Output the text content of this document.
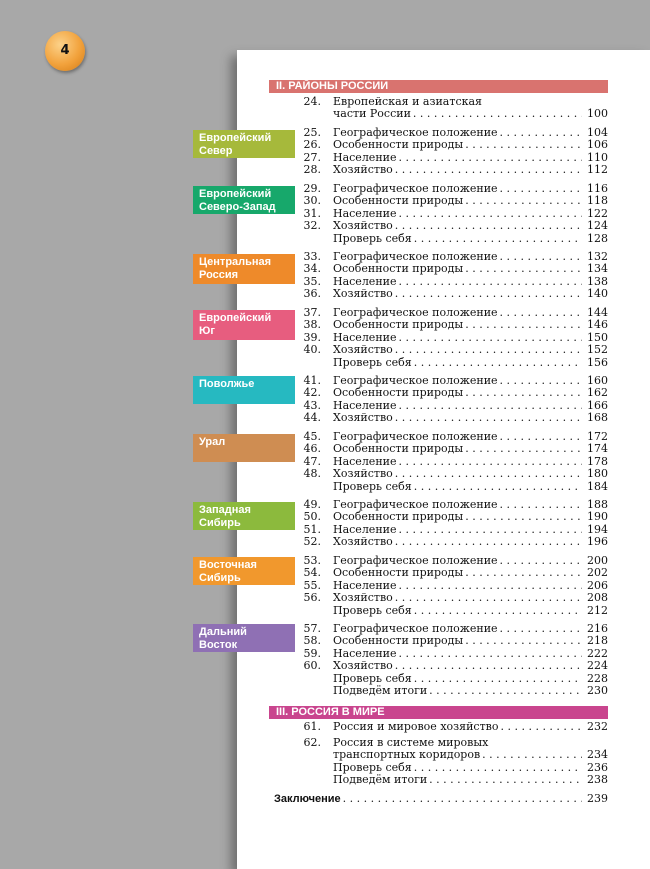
4
II. РАЙОНЫ РОССИИ
III. РОССИЯ В МИРЕ
Европейский
Север
Европейский
Северо-Запад
Центральная
Россия
Европейский
Юг
Поволжье
Урал
Западная
Сибирь
Восточная
Сибирь
Дальний
Восток
24. Европейская и азиатская
части России . . .	100
25. Географическое положение . . .	104
26. Особенности природы . . .	106
27. Население . . .	110
28. Хозяйство . . .	112
29. Географическое положение . . .	116
30. Особенности природы . . .	118
31. Население . . .	122
32. Хозяйство . . .	124
Проверь себя . . .	128
33. Географическое положение . . .	132
34. Особенности природы . . .	134
35. Население . . .	138
36. Хозяйство . . .	140
37. Географическое положение . . .	144
38. Особенности природы . . .	146
39. Население . . .	150
40. Хозяйство . . .	152
Проверь себя . . .	156
41. Географическое положение . . .	160
42. Особенности природы . . .	162
43. Население . . .	166
44. Хозяйство . . .	168
45. Географическое положение . . .	172
46. Особенности природы . . .	174
47. Население . . .	178
48. Хозяйство . . .	180
Проверь себя . . .	184
49. Географическое положение . . .	188
50. Особенности природы . . .	190
51. Население . . .	194
52. Хозяйство . . .	196
53. Географическое положение . . .	200
54. Особенности природы . . .	202
55. Население . . .	206
56. Хозяйство . . .	208
Проверь себя . . .	212
57. Географическое положение . . .	216
58. Особенности природы . . .	218
59. Население . . .	222
60. Хозяйство . . .	224
Проверь себя . . .	228
Подведём итоги . . .	230
61. Россия и мировое хозяйство . . .	232
62. Россия в системе мировых
транспортных коридоров . . .	234
Проверь себя . . .	236
Подведём итоги . . .	238
Заключение . . .	239
